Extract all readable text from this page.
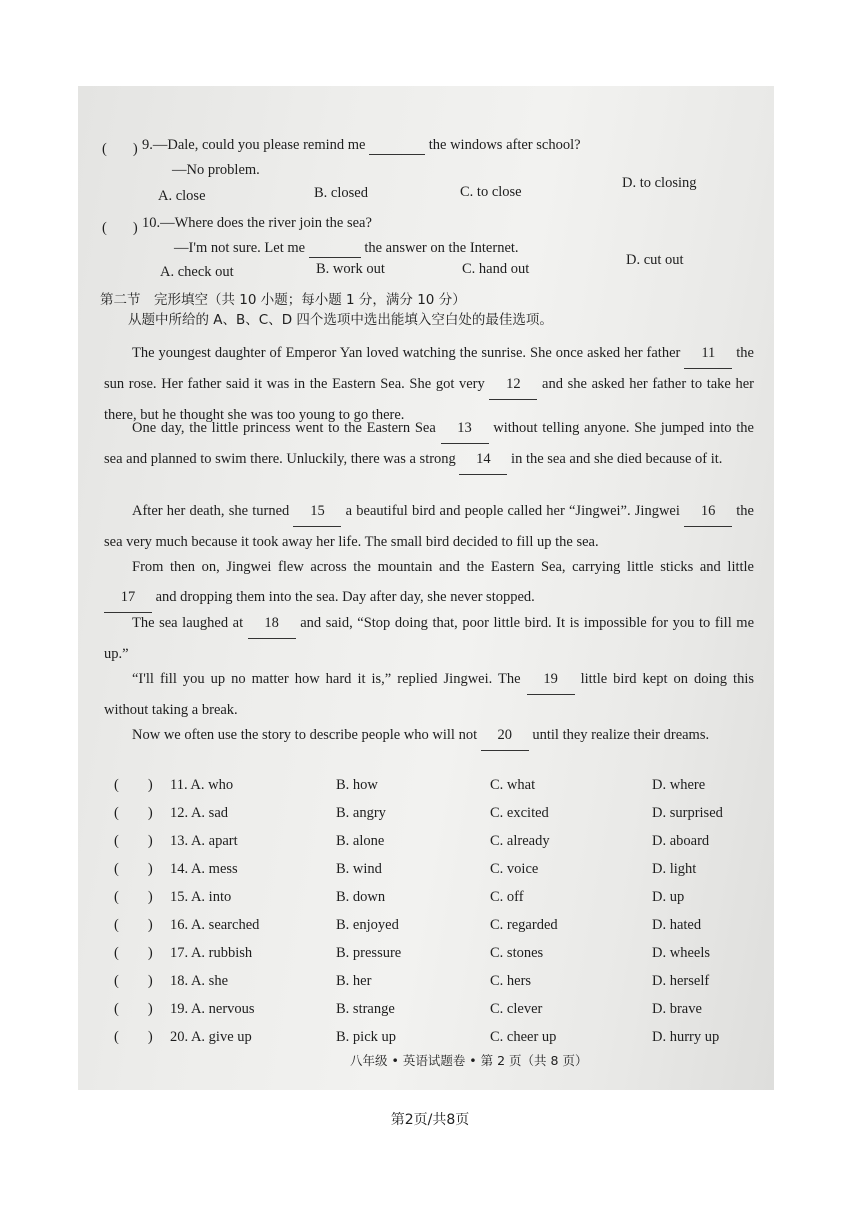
( ) 9.—Dale, could you please remind me	the windows after school?
—No problem.
A. close	B. closed	C. to close
D. to closing
( ) 10.—Where does the river join the sea?
—I'm not sure. Let me	the answer on the Internet.
A. check out	B. work out	C. hand out
D. cut out
第二节　完形填空（共 10 小题；每小题 1 分，满分 10 分）
从题中所给的 A、B、C、D 四个选项中选出能填入空白处的最佳选项。
The youngest daughter of Emperor Yan loved watching the sunrise. She once asked her father 11 the sun rose. Her father said it was in the Eastern Sea. She got very 12 and she asked her father to take her there, but he thought she was too young to go there.
One day, the little princess went to the Eastern Sea 13 without telling anyone. She jumped into the sea and planned to swim there. Unluckily, there was a strong 14 in the sea and she died because of it.
After her death, she turned 15 a beautiful bird and people called her “Jingwei”. Jingwei 16 the sea very much because it took away her life. The small bird decided to fill up the sea.
From then on, Jingwei flew across the mountain and the Eastern Sea, carrying little sticks and little 17 and dropping them into the sea. Day after day, she never stopped.
The sea laughed at 18 and said, “Stop doing that, poor little bird. It is impossible for you to fill me up.”
“I'll fill you up no matter how hard it is,” replied Jingwei. The 19 little bird kept on doing this without taking a break.
Now we often use the story to describe people who will not 20 until they realize their dreams.
(　　) 11. A. who	B. how	C. what	D. where
(　　) 12. A. sad	B. angry	C. excited	D. surprised
(　　) 13. A. apart	B. alone	C. already	D. aboard
(　　) 14. A. mess	B. wind	C. voice	D. light
(　　) 15. A. into	B. down	C. off	D. up
(　　) 16. A. searched	B. enjoyed	C. regarded	D. hated
(　　) 17. A. rubbish	B. pressure	C. stones	D. wheels
(　　) 18. A. she	B. her	C. hers	D. herself
(　　) 19. A. nervous	B. strange	C. clever	D. brave
(　　) 20. A. give up	B. pick up	C. cheer up	D. hurry up
八年级 • 英语试题卷 • 第 2 页（共 8 页）
第2页/共8页
